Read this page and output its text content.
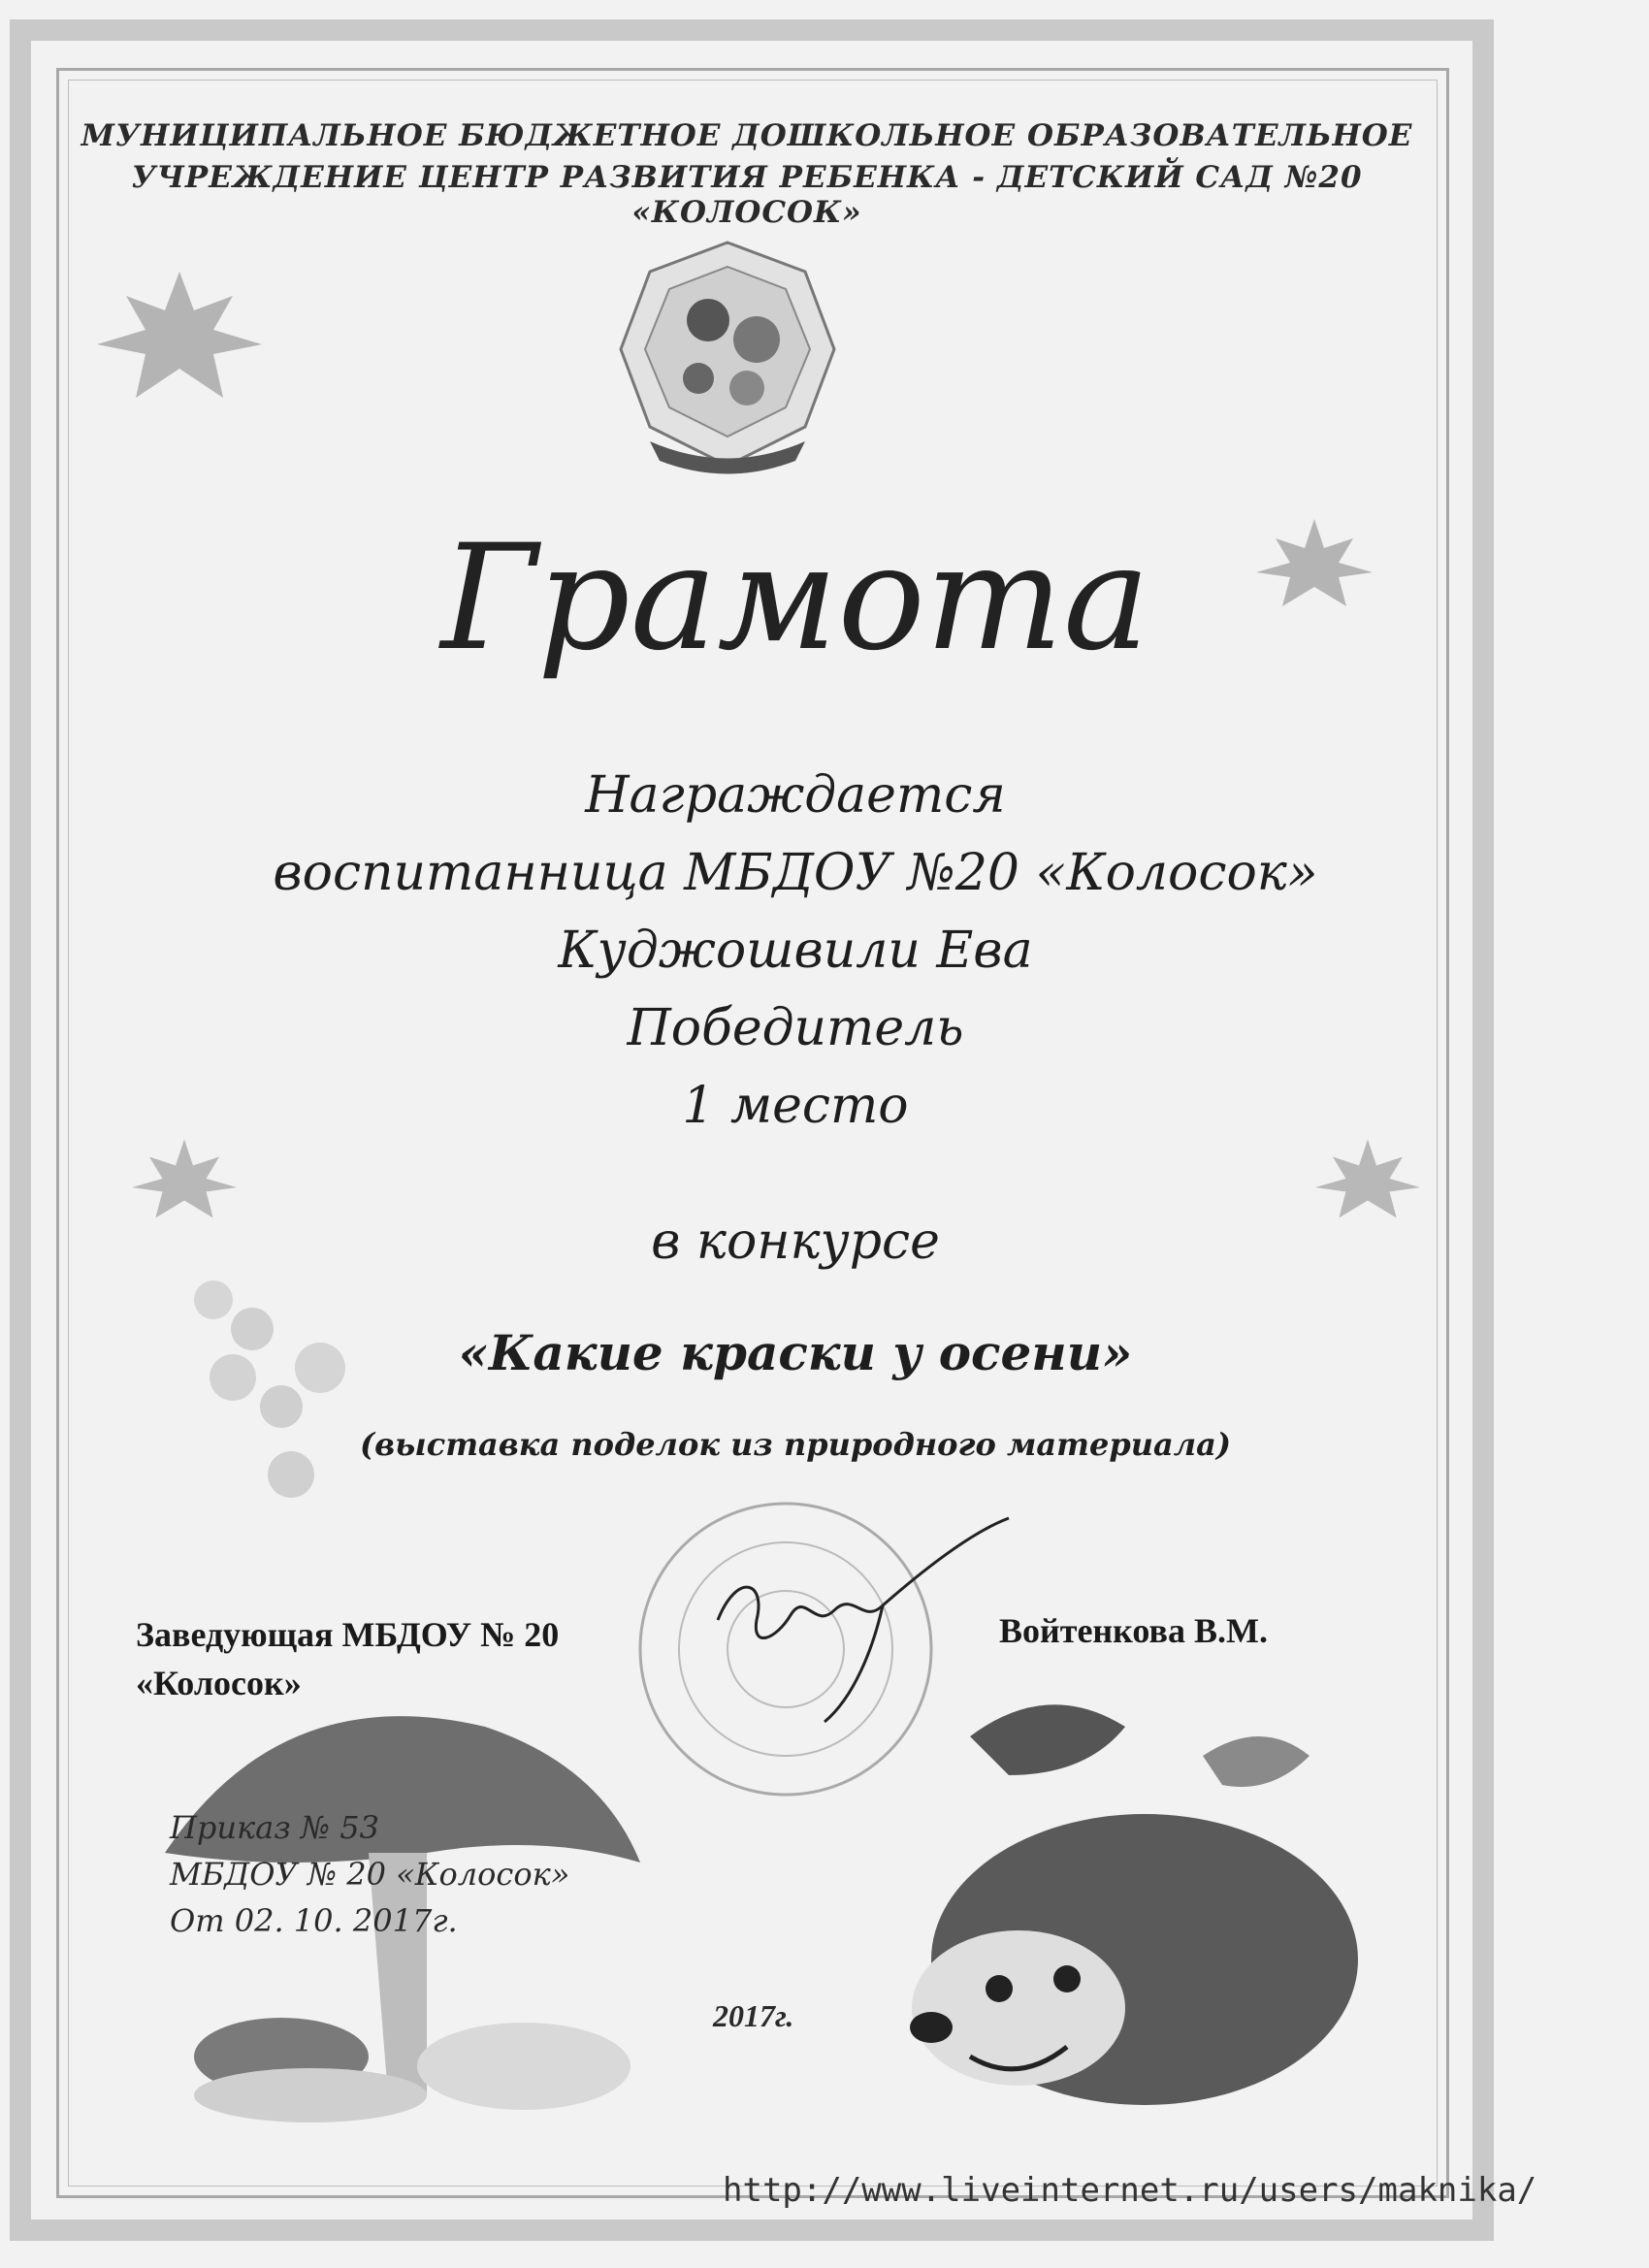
МУНИЦИПАЛЬНОЕ БЮДЖЕТНОЕ ДОШКОЛЬНОЕ ОБРАЗОВАТЕЛЬНОЕ
УЧРЕЖДЕНИЕ ЦЕНТР РАЗВИТИЯ РЕБЕНКА - ДЕТСКИЙ САД №20 «КОЛОСОК»
Грамота
Награждается
воспитанница МБДОУ №20 «Колосок»
Куджошвили Ева
Победитель
1 место
в конкурсе
«Какие краски у осени»
(выставка поделок из природного материала)
Заведующая МБДОУ № 20
«Колосок»
Войтенкова В.М.
Приказ № 53
МБДОУ № 20 «Колосок»
От 02. 10. 2017г.
2017г.
http://www.liveinternet.ru/users/maknika/
